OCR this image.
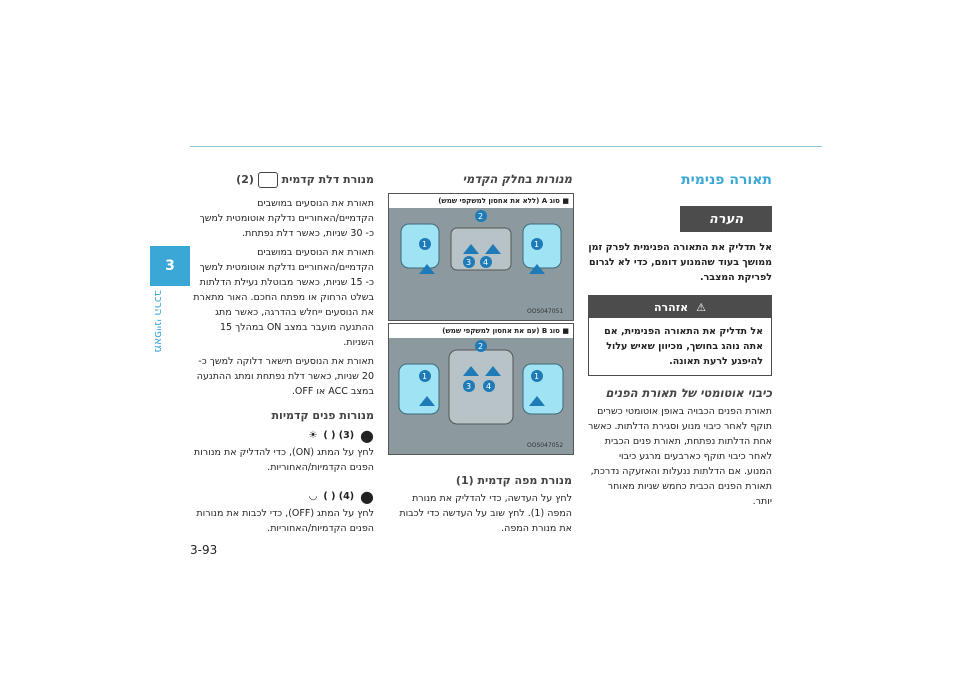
3
מאפייני הרכב
3-93
תאורה פנימית
הערה

אל תדליק את התאורה הפנימית לפרק זמן ממושך בעוד שהמנוע דומם, כדי לא לגרום לפריקת המצבר.

⚠
אזהרה

אל תדליק את התאורה הפנימית, אם אתה נוהג בחושך, מכיוון שאיש עלול להיפגע לרעת תאונה.

כיבוי אוטומטי של תאורת הפנים

תאורת הפנים הכבויה באופן אוטומטי כשרים תוקף לאחר כיבוי מנוע וסגירת הדלתות. כאשר אחת הדלתות נפתחת, תאורת פנים הכבית לאחר כיבוי תוקף כארבעים מרגע כיבוי המנוע. אם הדלתות ננעלות והאזעקה נדרכת, תאורת הפנים הכבית כחמש שניות מאוחר יותר.

מנורות בחלק הקדמי
■ סוג A (ללא את אחסון למשקפי שמש)
1	1
2
3 4
OOS047051
■ סוג B (עם את אחסון למשקפי שמש)
1	1
2
3 4
OOS047052
מנורת מפה קדמית (1)

לחץ על העדשה, כדי להדליק את מנורת המפה (1). לחץ שוב על העדשה כדי לכבות את מנורת המפה.

מנורת דלת קדמית  (2)

תאורת את הנוסעים במושבים הקדמיים/האחוריים נדלקת אוטומטית למשך כ- 30 שניות, כאשר דלת נפתחת.

תאורת את הנוסעים במושבים הקדמיים/האחוריים נדלקת אוטומטית למשך כ- 15 שניות, כאשר מבוטלת נעילת הדלתות בשלט הרחוק או מפתח החכם. האור מתארת את הנוסעים ייחלש בהדרגה, כאשר מתג ההתנעה מועבר במצב ON במהלך 15 השניות.

תאורת את הנוסעים תישאר דלוקה למשך כ- 20 שניות, כאשר דלת נפתחת ומתג ההתנעה במצב ACC או OFF.

מנורות פנים קדמיות
●
(3) ( )
☀

לחץ על המתג (ON), כדי להדליק את מנורות הפנים הקדמיות/האחוריות.

●
(4) ( )
◡

לחץ על המתג (OFF), כדי לכבות את מנורות הפנים הקדמיות/האחוריות.
